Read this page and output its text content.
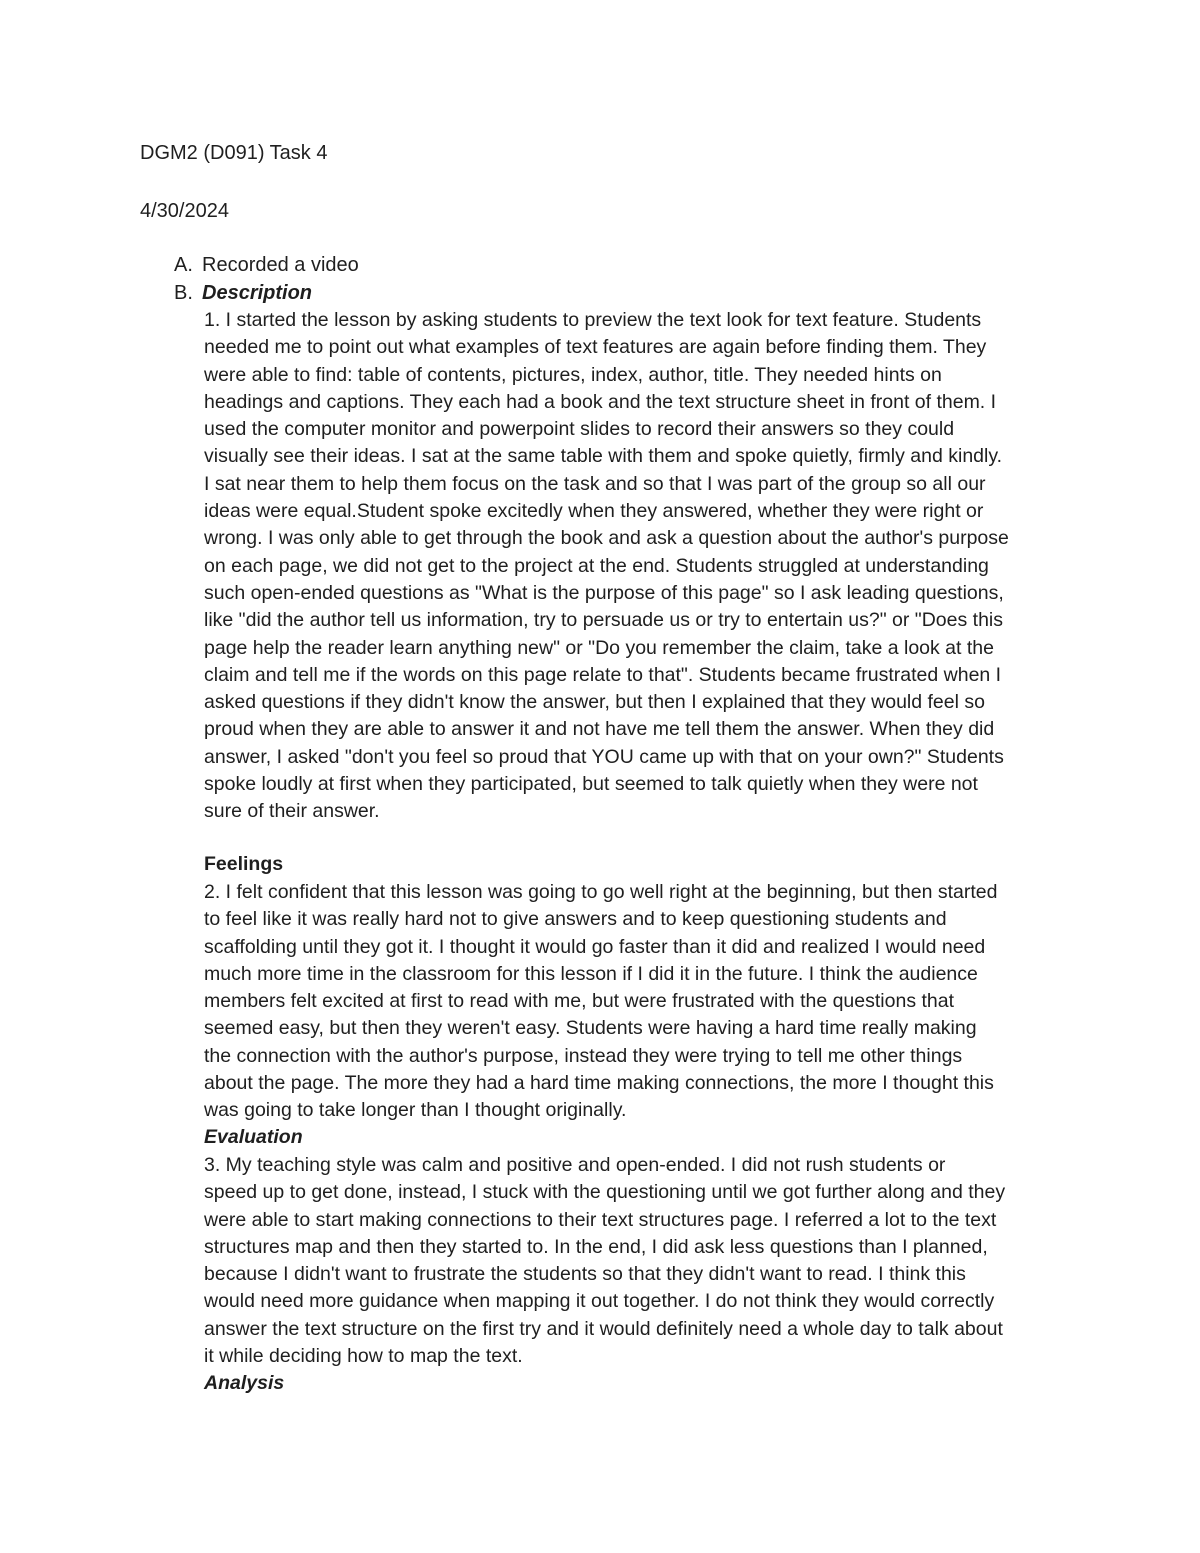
DGM2 (D091) Task 4
4/30/2024
A. Recorded a video
B. Description
1. I started the lesson by asking students to preview the text look for text feature. Students
needed me to point out what examples of text features are again before finding them. They
were able to find: table of contents, pictures, index, author, title. They needed hints on
headings and captions. They each had a book and the text structure sheet in front of them. I
used the computer monitor and powerpoint slides to record their answers so they could
visually see their ideas. I sat at the same table with them and spoke quietly, firmly and kindly.
I sat near them to help them focus on the task and so that I was part of the group so all our
ideas were equal.Student spoke excitedly when they answered, whether they were right or
wrong. I was only able to get through the book and ask a question about the author's purpose
on each page, we did not get to the project at the end. Students struggled at understanding
such open-ended questions as "What is the purpose of this page" so I ask leading questions,
like "did the author tell us information, try to persuade us or try to entertain us?" or "Does this
page help the reader learn anything new" or "Do you remember the claim, take a look at the
claim and tell me if the words on this page relate to that". Students became frustrated when I
asked questions if they didn't know the answer, but then I explained that they would feel so
proud when they are able to answer it and not have me tell them the answer. When they did
answer, I asked "don't you feel so proud that YOU came up with that on your own?" Students
spoke loudly at first when they participated, but seemed to talk quietly when they were not
sure of their answer.
Feelings
2. I felt confident that this lesson was going to go well right at the beginning, but then started
to feel like it was really hard not to give answers and to keep questioning students and
scaffolding until they got it. I thought it would go faster than it did and realized I would need
much more time in the classroom for this lesson if I did it in the future. I think the audience
members felt excited at first to read with me, but were frustrated with the questions that
seemed easy, but then they weren't easy. Students were having a hard time really making
the connection with the author's purpose, instead they were trying to tell me other things
about the page. The more they had a hard time making connections, the more I thought this
was going to take longer than I thought originally.
Evaluation
3. My teaching style was calm and positive and open-ended. I did not rush students or
speed up to get done, instead, I stuck with the questioning until we got further along and they
were able to start making connections to their text structures page. I referred a lot to the text
structures map and then they started to. In the end, I did ask less questions than I planned,
because I didn't want to frustrate the students so that they didn't want to read. I think this
would need more guidance when mapping it out together. I do not think they would correctly
answer the text structure on the first try and it would definitely need a whole day to talk about
it while deciding how to map the text.
Analysis
